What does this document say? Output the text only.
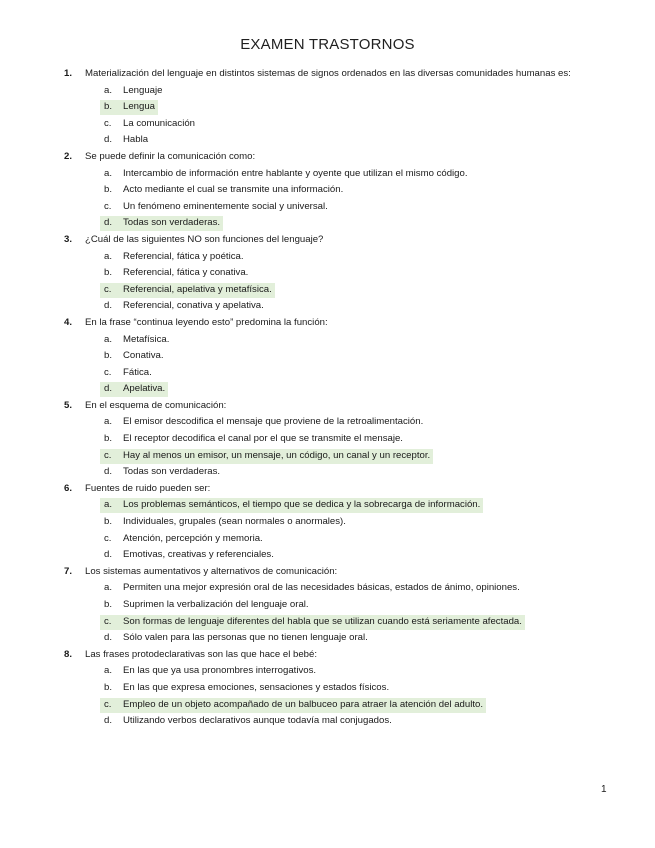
EXAMEN TRASTORNOS
1. Materialización del lenguaje en distintos sistemas de signos ordenados en las diversas comunidades humanas es:
a. Lenguaje
b. Lengua
c. La comunicación
d. Habla
2. Se puede definir la comunicación como:
a. Intercambio de información entre hablante y oyente que utilizan el mismo código.
b. Acto mediante el cual se transmite una información.
c. Un fenómeno eminentemente social y universal.
d. Todas son verdaderas.
3. ¿Cuál de las siguientes NO son funciones del lenguaje?
a. Referencial, fática y poética.
b. Referencial, fática y conativa.
c. Referencial, apelativa y metafísica.
d. Referencial, conativa y apelativa.
4. En la frase “continua leyendo esto” predomina la función:
a. Metafísica.
b. Conativa.
c. Fática.
d. Apelativa.
5. En el esquema de comunicación:
a. El emisor descodifica el mensaje que proviene de la retroalimentación.
b. El receptor decodifica el canal por el que se transmite el mensaje.
c. Hay al menos un emisor, un mensaje, un código, un canal y un receptor.
d. Todas son verdaderas.
6. Fuentes de ruido pueden ser:
a. Los problemas semánticos, el tiempo que se dedica y la sobrecarga de información.
b. Individuales, grupales (sean normales o anormales).
c. Atención, percepción y memoria.
d. Emotivas, creativas y referenciales.
7. Los sistemas aumentativos y alternativos de comunicación:
a. Permiten una mejor expresión oral de las necesidades básicas, estados de ánimo, opiniones.
b. Suprimen la verbalización del lenguaje oral.
c. Son formas de lenguaje diferentes del habla que se utilizan cuando está seriamente afectada.
d. Sólo valen para las personas que no tienen lenguaje oral.
8. Las frases protodeclarativas son las que hace el bebé:
a. En las que ya usa pronombres interrogativos.
b. En las que expresa emociones, sensaciones y estados físicos.
c. Empleo de un objeto acompañado de un balbuceo para atraer la atención del adulto.
d. Utilizando verbos declarativos aunque todavía mal conjugados.
1
